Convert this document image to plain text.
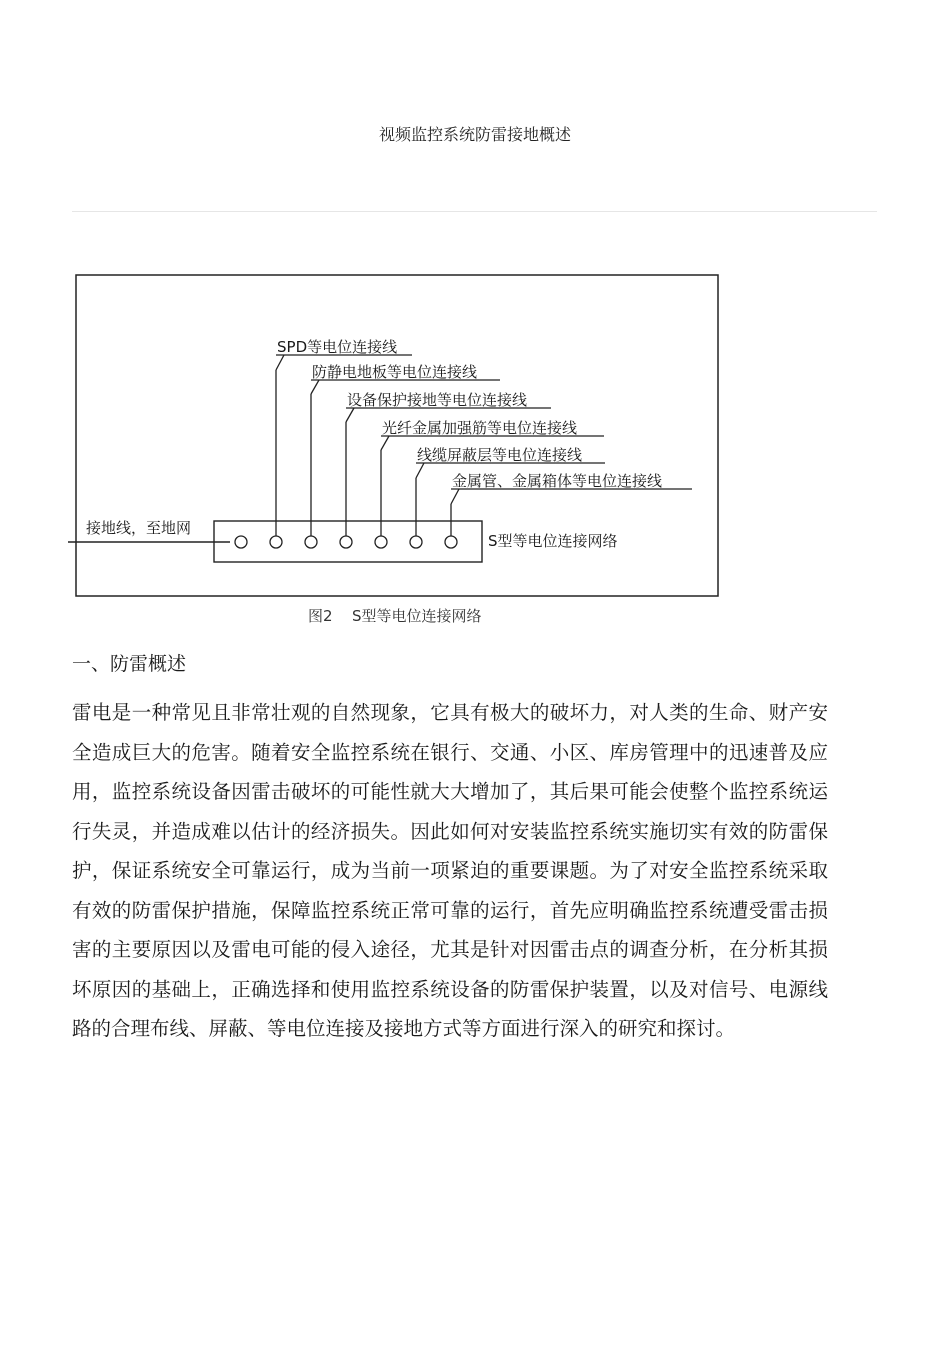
视频监控系统防雷接地概述
接地线，至地网
S型等电位连接网络
SPD等电位连接线
防静电地板等电位连接线
设备保护接地等电位连接线
光纤金属加强筋等电位连接线
线缆屏蔽层等电位连接线
金属管、金属箱体等电位连接线
图2 S型等电位连接网络
一、防雷概述

雷电是一种常见且非常壮观的自然现象，它具有极大的破坏力，对人类的生命、财产安全造成巨大的危害。随着安全监控系统在银行、交通、小区、库房管理中的迅速普及应用，监控系统设备因雷击破坏的可能性就大大增加了，其后果可能会使整个监控系统运行失灵，并造成难以估计的经济损失。因此如何对安装监控系统实施切实有效的防雷保护，保证系统安全可靠运行，成为当前一项紧迫的重要课题。为了对安全监控系统采取有效的防雷保护措施，保障监控系统正常可靠的运行，首先应明确监控系统遭受雷击损害的主要原因以及雷电可能的侵入途径，尤其是针对因雷击点的调查分析，在分析其损坏原因的基础上，正确选择和使用监控系统设备的防雷保护装置，以及对信号、电源线路的合理布线、屏蔽、等电位连接及接地方式等方面进行深入的研究和探讨。
